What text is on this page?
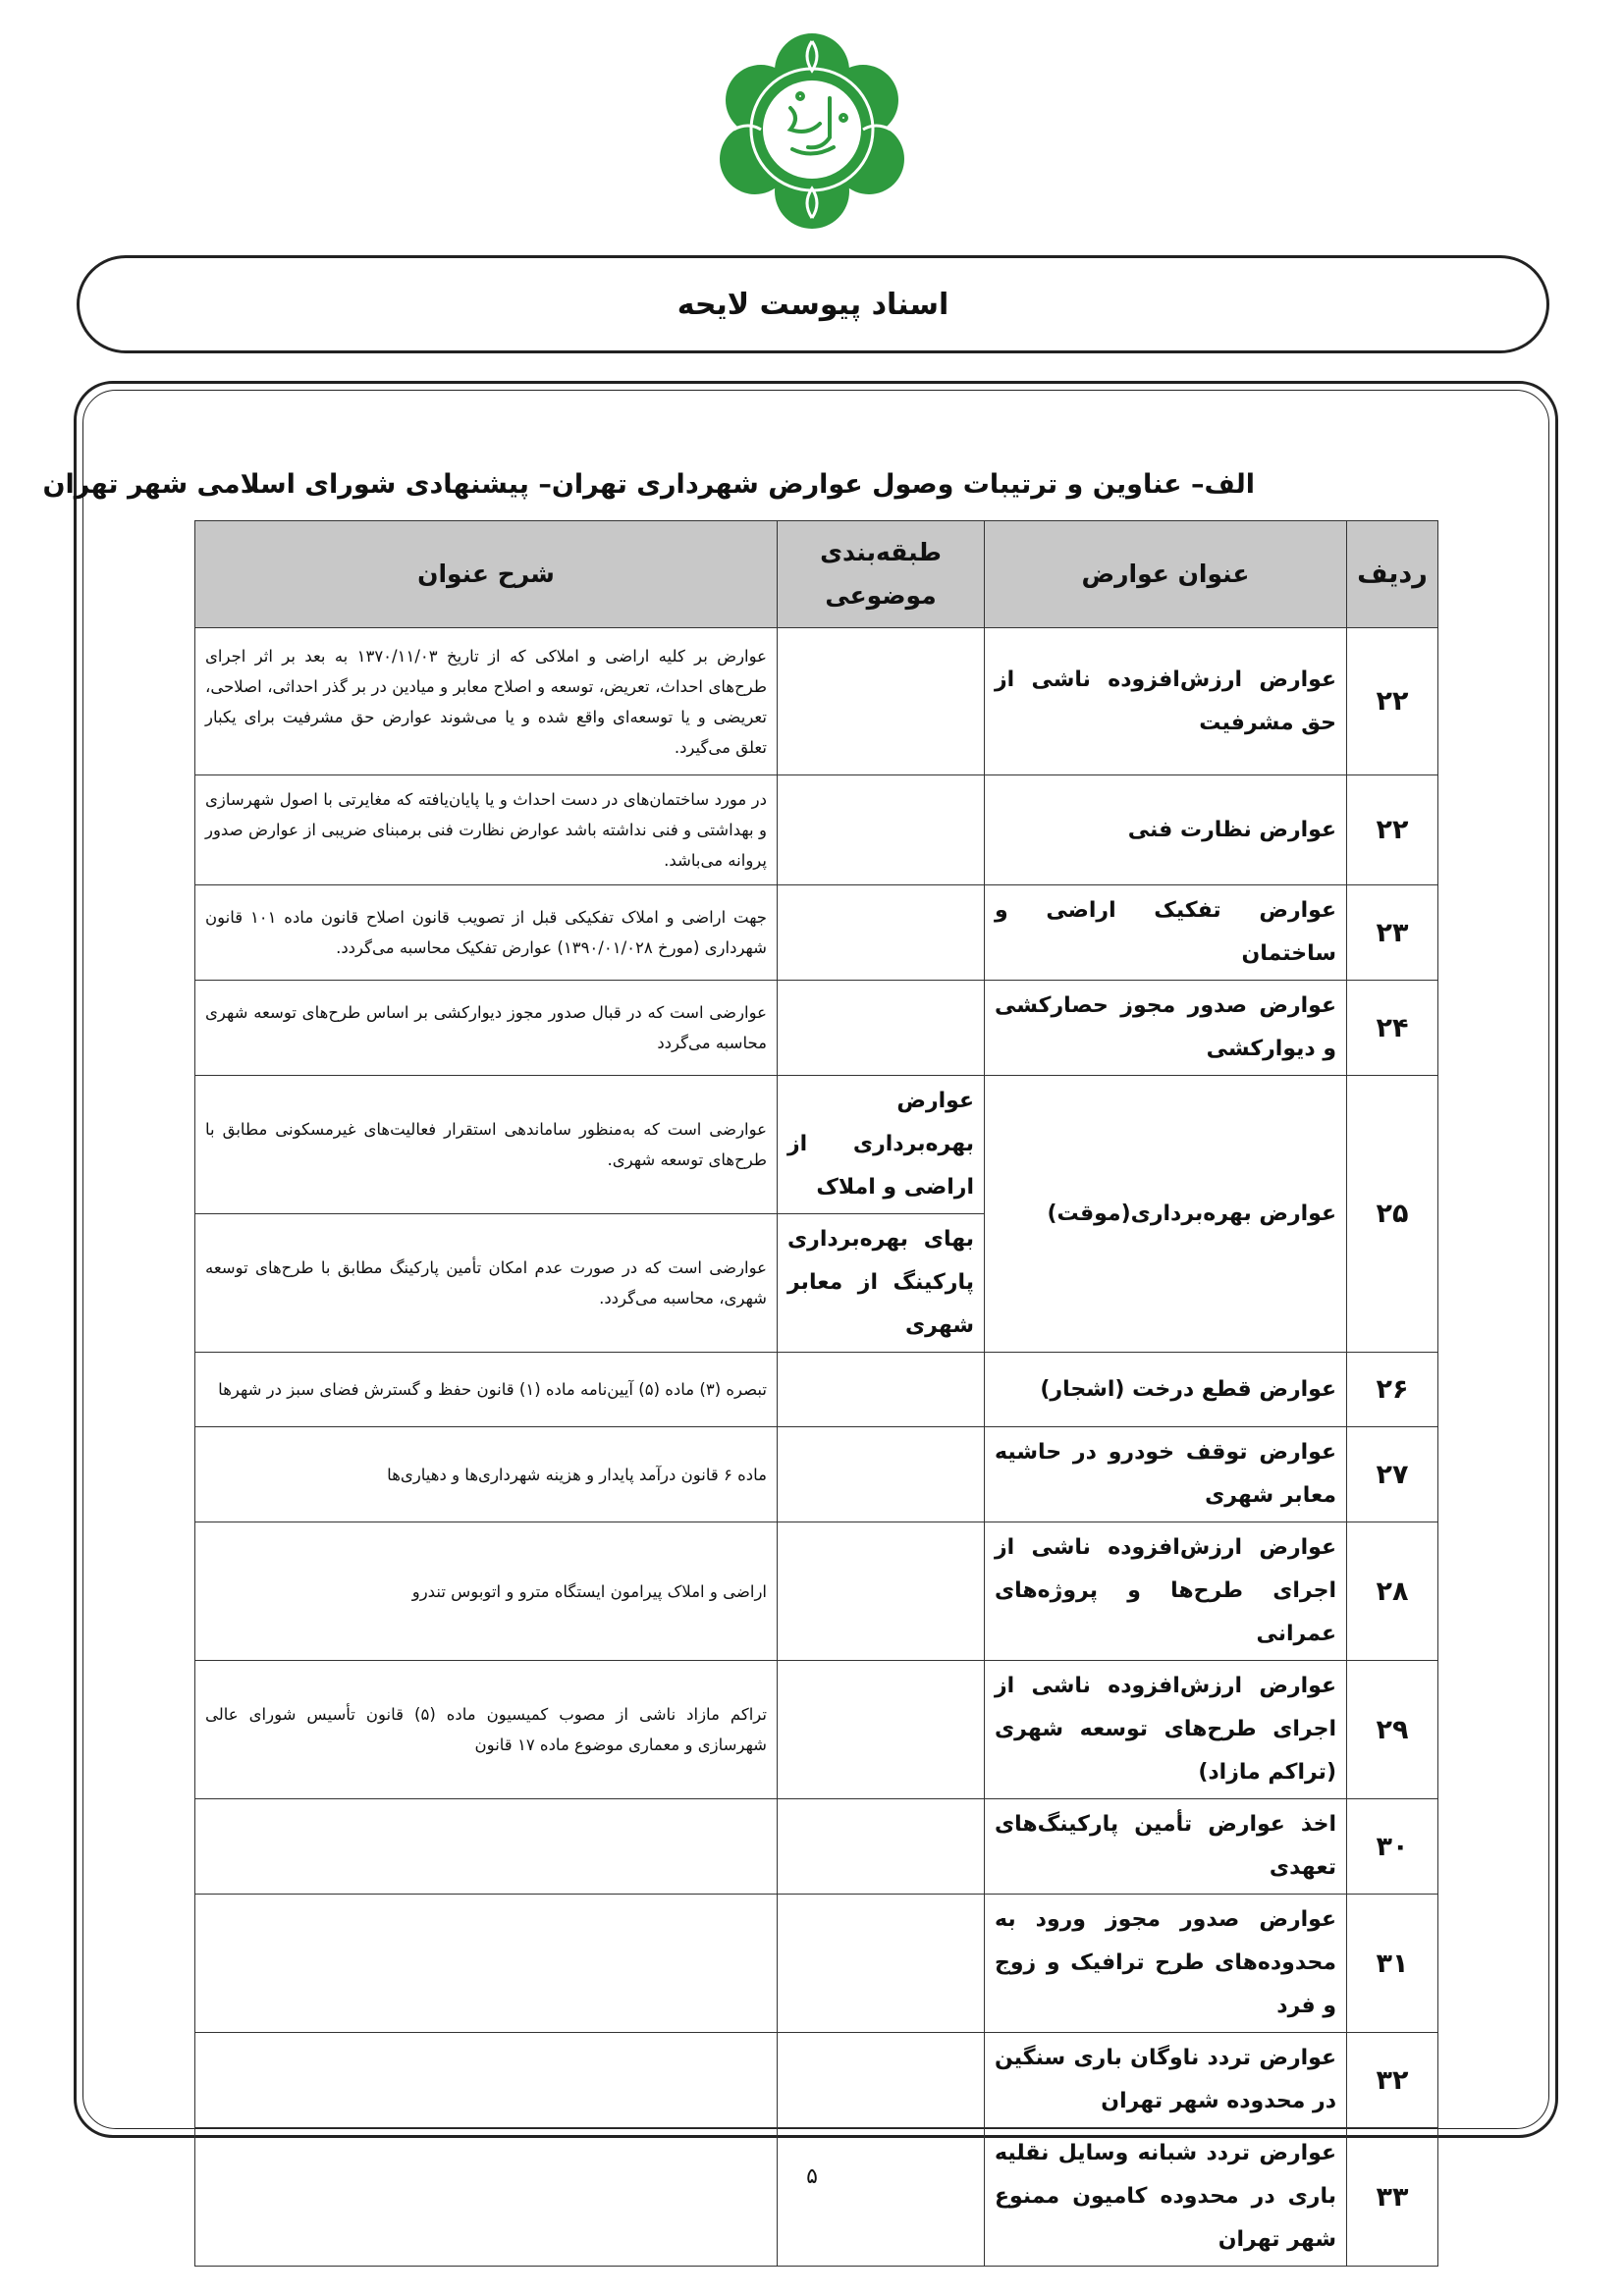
اسناد پیوست لایحه
الف– عناوین و ترتیبات وصول عوارض شهرداری تهران– پیشنهادی شورای اسلامی شهر تهران
ردیف	عنوان عوارض	طبقه‌بندی موضوعی	شرح عنوان
۲۲	عوارض ارزش‌افزوده ناشی از حق مشرفیت		عوارض بر کلیه اراضی و املاکی که از تاریخ ۱۳۷۰/۱۱/۰۳ به بعد بر اثر اجرای طرح‌های احداث، تعریض، توسعه و اصلاح معابر و میادین در بر گذر احداثی، اصلاحی، تعریضی و یا توسعه‌ای واقع شده و یا می‌شوند عوارض حق مشرفیت برای یکبار تعلق می‌گیرد.
۲۲	عوارض نظارت فنی		در مورد ساختمان‌های در دست احداث و یا پایان‌یافته که مغایرتی با اصول شهرسازی و بهداشتی و فنی نداشته باشد عوارض نظارت فنی برمبنای ضریبی از عوارض صدور پروانه می‌باشد.
۲۳	عوارض تفکیک اراضی و ساختمان		جهت اراضی و املاک تفکیکی قبل از تصویب قانون اصلاح قانون ماده ۱۰۱ قانون شهرداری (مورخ ۱۳۹۰/۰۱/۰۲۸) عوارض تفکیک محاسبه می‌گردد.
۲۴	عوارض صدور مجوز حصارکشی و دیوارکشی		عوارضی است که در قبال صدور مجوز دیوارکشی بر اساس طرح‌های توسعه شهری محاسبه می‌گردد
۲۵	عوارض بهره‌برداری(موقت)	عوارض بهره‌برداری از اراضی و املاک	عوارضی است که به‌منظور ساماندهی استقرار فعالیت‌های غیرمسکونی مطابق با طرح‌های توسعه شهری.
		بهای بهره‌برداری پارکینگ از معابر شهری	عوارضی است که در صورت عدم امکان تأمین پارکینگ مطابق با طرح‌های توسعه شهری، محاسبه می‌گردد.
۲۶	عوارض قطع درخت (اشجار)		تبصره (۳) ماده (۵) آیین‌نامه ماده (۱) قانون حفظ و گسترش فضای سبز در شهرها
۲۷	عوارض توقف خودرو در حاشیه معابر شهری		ماده ۶ قانون درآمد پایدار و هزینه شهرداری‌ها و دهیاری‌ها
۲۸	عوارض ارزش‌افزوده ناشی از اجرای طرح‌ها و پروژه‌های عمرانی		اراضی و املاک پیرامون ایستگاه مترو و اتوبوس تندرو
۲۹	عوارض ارزش‌افزوده ناشی از اجرای طرح‌های توسعه شهری (تراکم مازاد)		تراکم مازاد ناشی از مصوب کمیسیون ماده (۵) قانون تأسیس شورای عالی شهرسازی و معماری موضوع ماده ۱۷ قانون
۳۰	اخذ عوارض تأمین پارکینگ‌های تعهدی		
۳۱	عوارض صدور مجوز ورود به محدوده‌های طرح ترافیک و زوج و فرد		
۳۲	عوارض تردد ناوگان باری سنگین در محدوده شهر تهران		
۳۳	عوارض تردد شبانه وسایل نقلیه باری در محدوده کامیون ممنوع شهر تهران		
۵
